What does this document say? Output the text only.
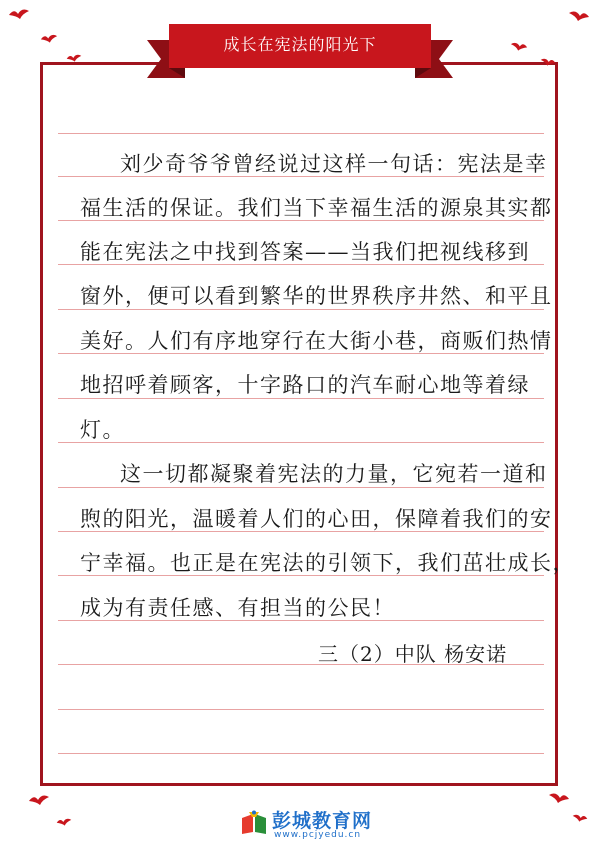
成长在宪法的阳光下
刘少奇爷爷曾经说过这样一句话：宪法是幸
福生活的保证。我们当下幸福生活的源泉其实都
能在宪法之中找到答案——当我们把视线移到
窗外，便可以看到繁华的世界秩序井然、和平且
美好。人们有序地穿行在大街小巷，商贩们热情
地招呼着顾客，十字路口的汽车耐心地等着绿
灯。
这一切都凝聚着宪法的力量，它宛若一道和
煦的阳光，温暖着人们的心田，保障着我们的安
宁幸福。也正是在宪法的引领下，我们茁壮成长，
成为有责任感、有担当的公民！
三（2）中队 杨安诺
彭城教育网
www.pcjyedu.cn
